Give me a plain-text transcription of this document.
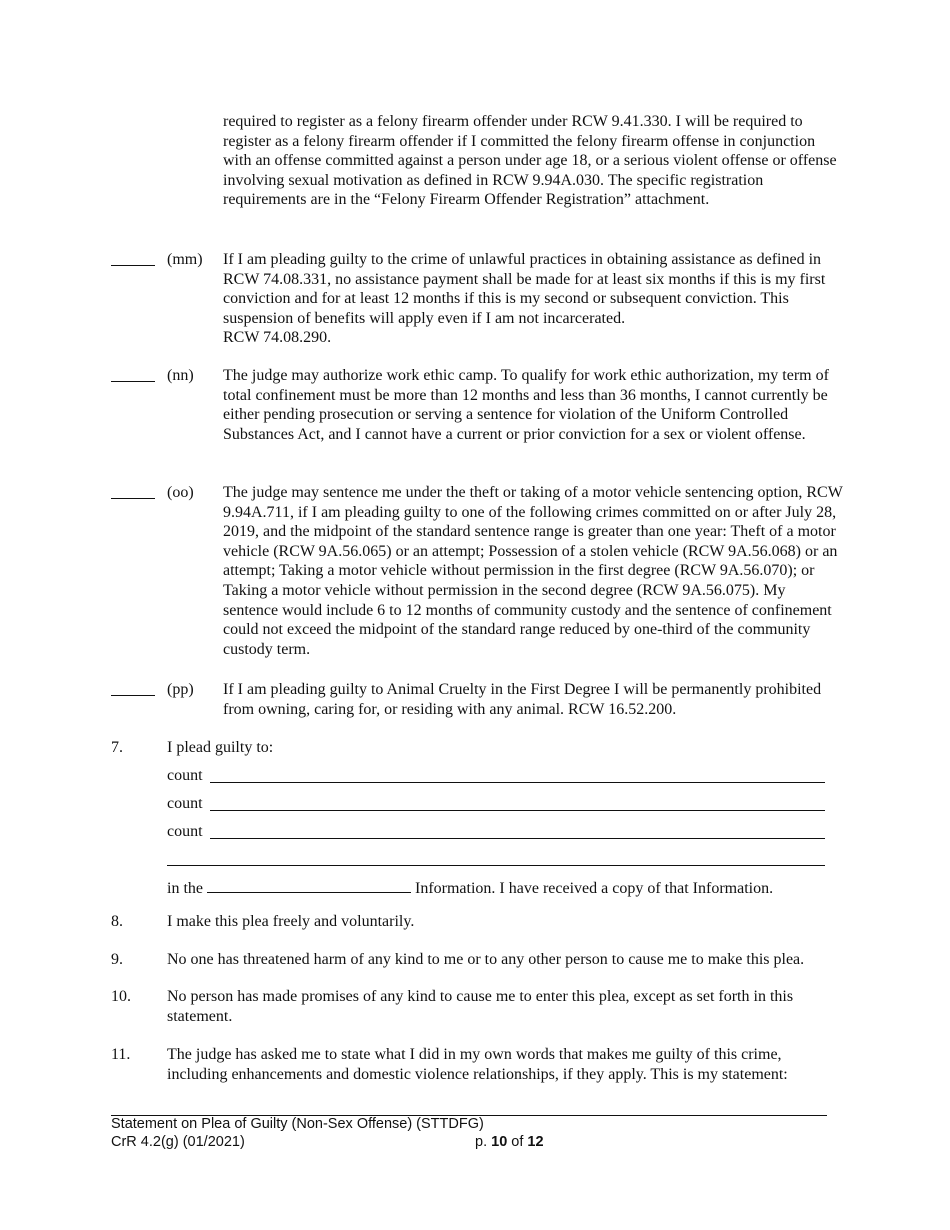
required to register as a felony firearm offender under RCW 9.41.330. I will be required to register as a felony firearm offender if I committed the felony firearm offense in conjunction with an offense committed against a person under age 18, or a serious violent offense or offense involving sexual motivation as defined in RCW 9.94A.030. The specific registration requirements are in the “Felony Firearm Offender Registration” attachment.
(mm) If I am pleading guilty to the crime of unlawful practices in obtaining assistance as defined in RCW 74.08.331, no assistance payment shall be made for at least six months if this is my first conviction and for at least 12 months if this is my second or subsequent conviction. This suspension of benefits will apply even if I am not incarcerated.
RCW 74.08.290.
(nn) The judge may authorize work ethic camp. To qualify for work ethic authorization, my term of total confinement must be more than 12 months and less than 36 months, I cannot currently be either pending prosecution or serving a sentence for violation of the Uniform Controlled Substances Act, and I cannot have a current or prior conviction for a sex or violent offense.
(oo) The judge may sentence me under the theft or taking of a motor vehicle sentencing option, RCW 9.94A.711, if I am pleading guilty to one of the following crimes committed on or after July 28, 2019, and the midpoint of the standard sentence range is greater than one year: Theft of a motor vehicle (RCW 9A.56.065) or an attempt; Possession of a stolen vehicle (RCW 9A.56.068) or an attempt; Taking a motor vehicle without permission in the first degree (RCW 9A.56.070); or Taking a motor vehicle without permission in the second degree (RCW 9A.56.075). My sentence would include 6 to 12 months of community custody and the sentence of confinement could not exceed the midpoint of the standard range reduced by one-third of the community custody term.
(pp) If I am pleading guilty to Animal Cruelty in the First Degree I will be permanently prohibited from owning, caring for, or residing with any animal. RCW 16.52.200.
7.	I plead guilty to:
count
count
count
in the	Information. I have received a copy of that Information.
8.	I make this plea freely and voluntarily.
9.	No one has threatened harm of any kind to me or to any other person to cause me to make this plea.
10. No person has made promises of any kind to cause me to enter this plea, except as set forth in this statement.
11. The judge has asked me to state what I did in my own words that makes me guilty of this crime, including enhancements and domestic violence relationships, if they apply. This is my statement:
Statement on Plea of Guilty (Non-Sex Offense) (STTDFG)
CrR 4.2(g) (01/2021)	p. 10 of 12
